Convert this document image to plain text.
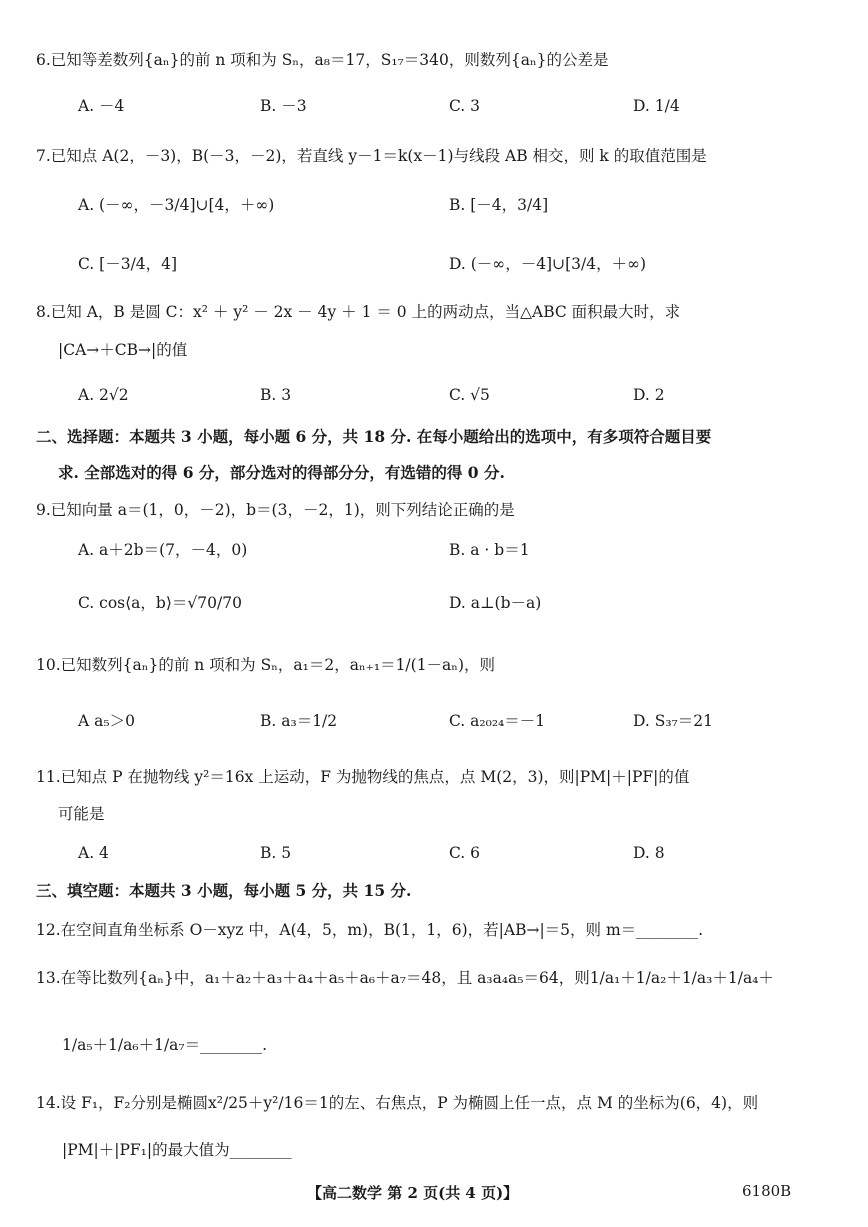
6.已知等差数列{aₙ}的前 n 项和为 Sₙ，a₈＝17，S₁₇＝340，则数列{aₙ}的公差是
A. －4	B. －3	C. 3	D. 1/4
7.已知点 A(2，－3)，B(－3，－2)，若直线 y－1＝k(x－1)与线段 AB 相交，则 k 的取值范围是
A. (－∞，－3/4]∪[4，＋∞)	B. [－4，3/4]
C. [－3/4，4]	D. (－∞，－4]∪[3/4，＋∞)
8.已知 A，B 是圆 C：x² ＋ y² － 2x － 4y ＋ 1 ＝ 0 上的两动点，当△ABC 面积最大时，求
|CA→＋CB→|的值
A. 2√2	B. 3	C. √5	D. 2
二、选择题：本题共 3 小题，每小题 6 分，共 18 分. 在每小题给出的选项中，有多项符合题目要
求. 全部选对的得 6 分，部分选对的得部分分，有选错的得 0 分.
9.已知向量 a＝(1，0，－2)，b＝(3，－2，1)，则下列结论正确的是
A. a＋2b＝(7，－4，0)	B. a · b＝1
C. cos⟨a，b⟩＝√70/70	D. a⊥(b－a)
10.已知数列{aₙ}的前 n 项和为 Sₙ，a₁＝2，aₙ₊₁＝1/(1－aₙ)，则
A a₅＞0	B. a₃＝1/2	C. a₂₀₂₄＝－1	D. S₃₇＝21
11.已知点 P 在抛物线 y²＝16x 上运动，F 为抛物线的焦点，点 M(2，3)，则|PM|＋|PF|的值
可能是
A. 4	B. 5	C. 6	D. 8
三、填空题：本题共 3 小题，每小题 5 分，共 15 分.
12.在空间直角坐标系 O－xyz 中，A(4，5，m)，B(1，1，6)，若|AB→|＝5，则 m＝________.
13.在等比数列{aₙ}中，a₁＋a₂＋a₃＋a₄＋a₅＋a₆＋a₇＝48，且 a₃a₄a₅＝64，则1/a₁＋1/a₂＋1/a₃＋1/a₄＋
1/a₅＋1/a₆＋1/a₇＝________.
14.设 F₁，F₂分别是椭圆x²/25＋y²/16＝1的左、右焦点，P 为椭圆上任一点，点 M 的坐标为(6，4)，则
|PM|＋|PF₁|的最大值为________
【高二数学 第 2 页(共 4 页)】	6180B
